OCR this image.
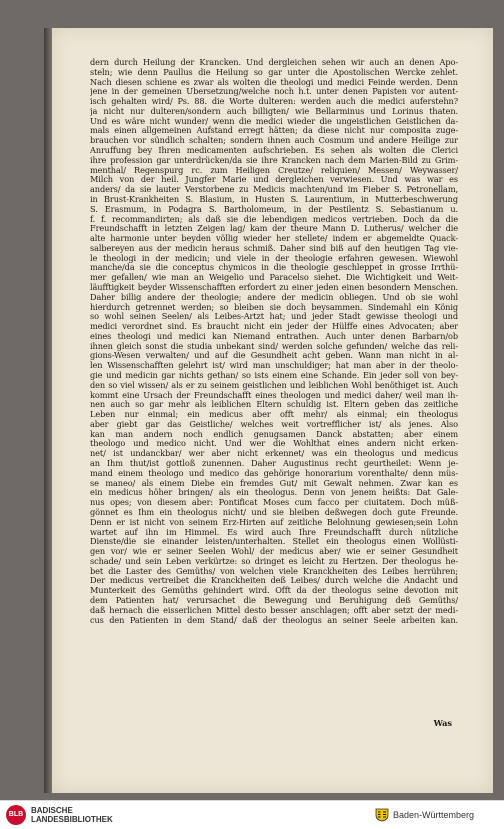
dern durch Heilung der Krancken. Und dergleichen sehen wir auch an denen Apo-
steln; wie denn Paullus die Heilung so gar unter die Apostolischen Wercke zehlet.
Nach diesen schiene es zwar als wolten die theologi und medici Feinde werden. Denn
jene in der gemeinen Übersetzung/welche noch h.t. unter denen Papisten vor autent-
isch gehalten wird/ Ps. 88. die Worte dulteren: werden auch die medici auferstehn?
ja nicht nur dulteren/sondern auch billigten/ wie Bellarminus und Lorinus thaten.
Und es wäre nicht wunder/ wenn die medici wieder die ungeistlichen Geistlichen da-
mals einen allgemeinen Aufstand erregt hätten; da diese nicht nur composita zuge-
brauchen vor sündlich schalten; sondern ihnen auch Cosmum und andere Heilige zur
Anruffung bey Ihren medicamenten aufschrieben. Es sehen als wolten die Clerici
ihre profession gar unterdrücken/da sie ihre Krancken nach dem Marien-Bild zu Grim-
menthal/ Regenspurg rc. zum Heiligen Creutze/ reliquien/ Messen/ Weywasser/
Milch von der heil. Jungfer Marie und dergleichen verwiesen. Und was war es
anders/ da sie lauter Verstorbene zu Medicis machten/und im Fieber S. Petronellam,
in Brust-Krankheiten S. Blasium, in Husten S. Laurentium, in Mutterbeschwerung
S. Erasmum, in Podagra S. Bartholomeum, in der Pestilentz S. Sebastianum u.
f. f. recommandirten; als daß sie die lebendigen medicos vertrieben. Doch da die
Freundschafft in letzten Zeigen lag/ kam der theure Mann D. Lutherus/ welcher die
alte harmonie unter beyden völlig wieder her stellete/ indem er abgemeldte Quack-
salbereyen aus der medicin heraus schmiß. Daher sind biß auf den heutigen Tag vie-
le theologi in der medicin; und viele in der theologie erfahren gewesen. Wiewohl
manche/da sie die conceptus chymicos in die theologie geschleppet in grosse Irrthü-
mer gefallen/ wie man an Weigelio und Paracelso siehet. Die Wichtigkeit und Weit-
läufftigkeit beyder Wissenschafften erfordert zu einer jeden einen besondern Menschen.
Daher billig andere der theologie; andere der medicin obliegen. Und ob sie wohl
hierdurch getrennet werden; so bleiben sie doch beysammen. Sindemahl ein König
so wohl seinen Seelen/ als Leibes-Artzt hat; und jeder Stadt gewisse theologi und
medici verordnet sind. Es braucht nicht ein jeder der Hülffe eines Advocaten; aber
eines theologi und medici kan Niemand entrathen. Auch unter denen Barbarn/ob
ihnen gleich sonst die studia unbekant sind/ werden solche gefunden/ welche das reli-
gions-Wesen verwalten/ und auf die Gesundheit acht geben. Wann man nicht in al-
len Wissenschafften gelehrt ist/ wird man unschuldiger; hat man aber in der theolo-
gie und medicin gar nichts gethan/ so ists einem eine Schande. Ein jeder soll von bey-
den so viel wissen/ als er zu seinem geistlichen und leiblichen Wohl benöthiget ist. Auch
kommt eine Ursach der Freundschafft eines theologen und medici daher/ weil man ih-
nen auch so gar mehr als leiblichen Eltern schuldig ist. Eltern geben das zeitliche
Leben nur einmal; ein medicus aber offt mehr/ als einmal; ein theologus
aber giebt gar das Geistliche/ welches weit vortrefflicher ist/ als jenes. Also
kan man andern noch endlich genugsamen Danck abstatten; aber einem
theologo und medico nicht. Und wer die Wohlthat eines andern nicht erken-
net/ ist undanckbar/ wer aber nicht erkennet/ was ein theologus und medicus
an Ihm thut/ist gottloß zunennen. Daher Augustinus recht geurtheilet: Wenn je-
mand einem theologo und medico das gehörige honorarium vorenthalte/ denn müs-
se maneo/ als einem Diebe ein fremdes Gut/ mit Gewalt nehmen. Zwar kan es
ein medicus höher bringen/ als ein theologus. Denn von jenem heißts: Dat Gale-
nus opes; von diesem aber: Pontificat Moses cum facco per ciuitatem. Doch müß-
gönnet es Ihm ein theologus nicht/ und sie bleiben deßwegen doch gute Freunde.
Denn er ist nicht von seinem Erz-Hirten auf zeitliche Belohnung gewiesen;sein Lohn
wartet auf ihn im Himmel. Es wird auch Ihre Freundschafft durch nützliche
Dienste/die sie einander leisten/unterhalten. Stellet ein theologus einen Wollüsti-
gen vor/ wie er seiner Seelen Wohl/ der medicus aber/ wie er seiner Gesundheit
schade/ und sein Leben verkürtze: so dringet es leicht zu Hertzen. Der theologus he-
bet die Laster des Gemüths/ von welchen viele Kranckheiten des Leibes herrühren;
Der medicus vertreibet die Kranckheiten deß Leibes/ durch welche die Andacht und
Munterkeit des Gemüths gehindert wird. Offt da der theologus seine devotion mit
dem Patienten hat/ verursachet die Bewegung und Beruhigung deß Gemüths/
daß hernach die eisserlichen Mittel desto besser anschlagen; offt aber setzt der medi-
cus den Patienten in dem Stand/ daß der theologus an seiner Seele arbeiten kan.
Was
BLB BADISCHE
LANDESBIBLIOTHEK	Baden-Württemberg
